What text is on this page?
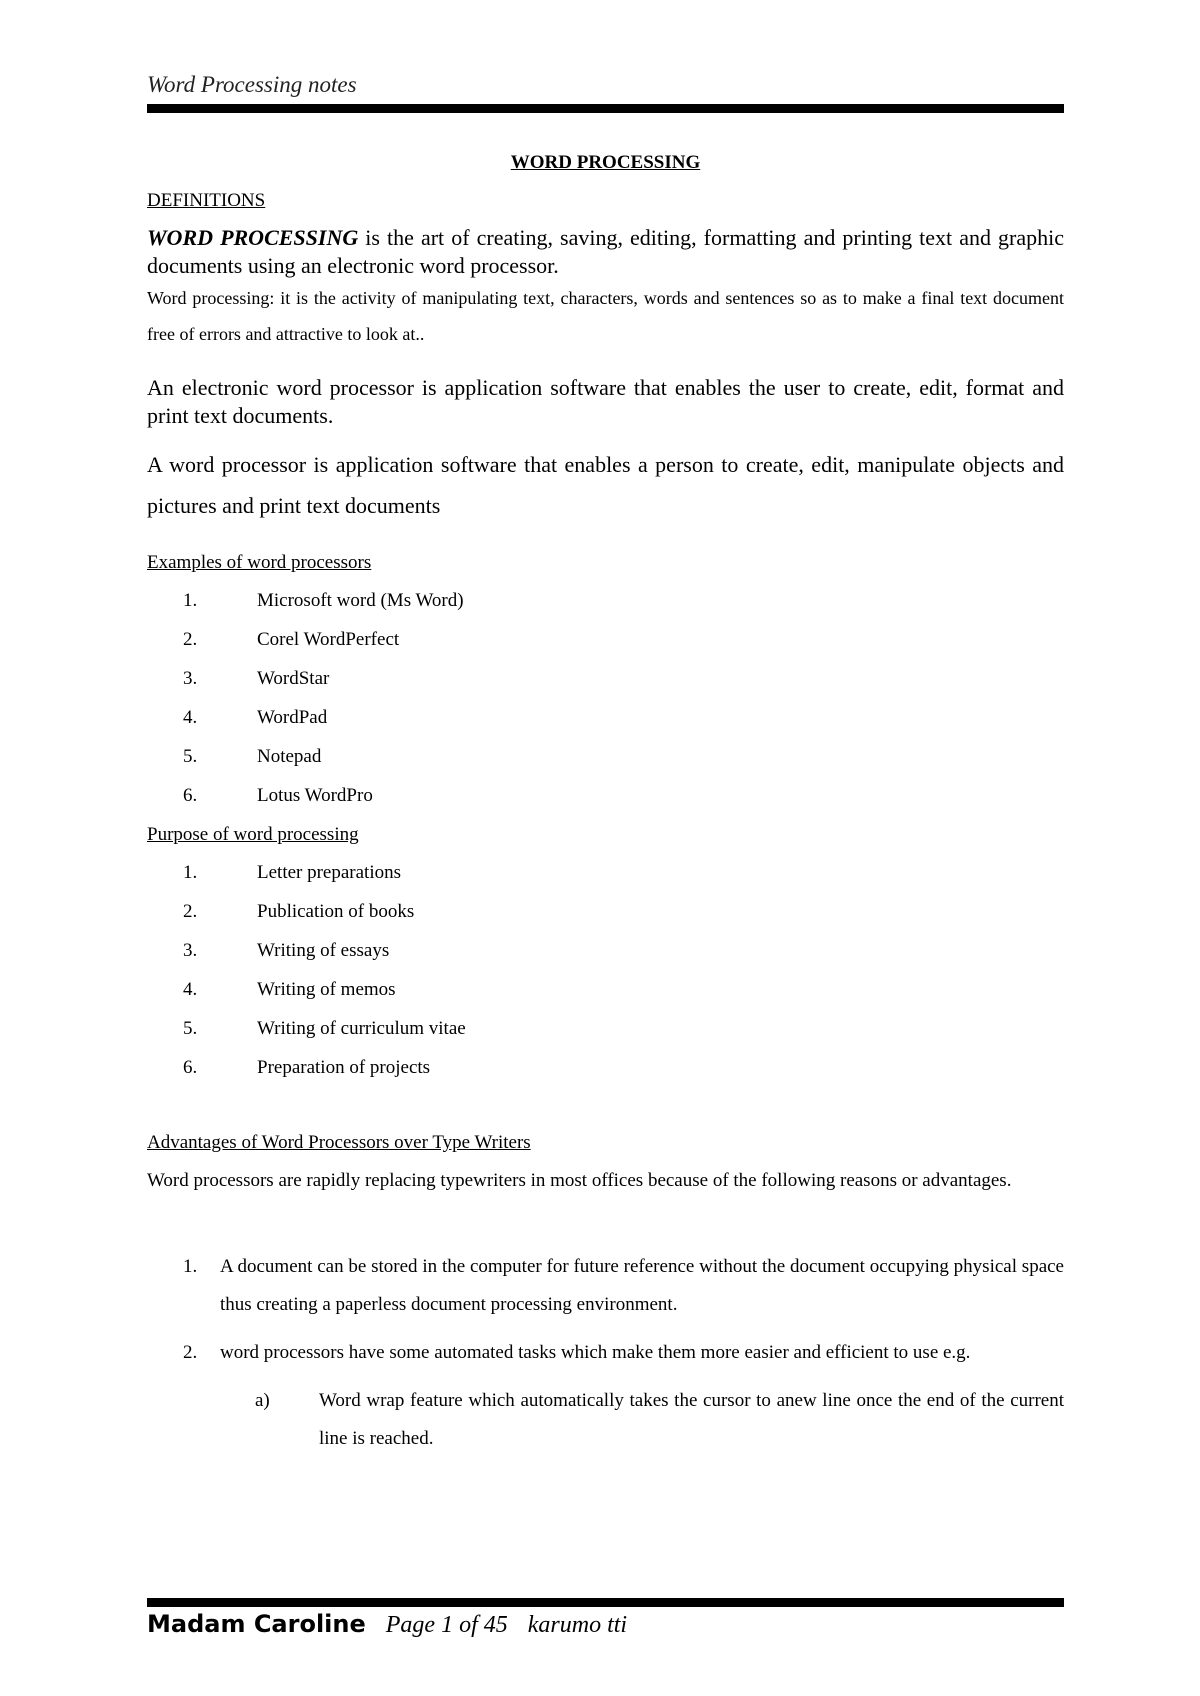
Word Processing notes

WORD PROCESSING

DEFINITIONS

WORD PROCESSING is the art of creating, saving, editing, formatting and printing text and graphic documents using an electronic word processor.

Word processing: it is the activity of manipulating text, characters, words and sentences so as to make a final text document free of errors and attractive to look at..

An electronic word processor is application software that enables the user to create, edit, format and print text documents.

A word processor is application software that enables a person to create, edit, manipulate objects and pictures and print text documents

Examples of word processors

1.	Microsoft word (Ms Word)
2.	Corel WordPerfect
3.	WordStar
4.	WordPad
5.	Notepad
6.	Lotus WordPro

Purpose of word processing

1.	Letter preparations
2.	Publication of books
3.	Writing of essays
4.	Writing of memos
5.	Writing of curriculum vitae
6.	Preparation of projects

Advantages of Word Processors over Type Writers

Word processors are rapidly replacing typewriters in most offices because of the following reasons or advantages.

1.	A document can be stored in the computer for future reference without the document occupying physical space thus creating a paperless document processing environment.
2.	word processors have some automated tasks which make them more easier and efficient to use e.g.
a)	Word wrap feature which automatically takes the cursor to anew line once the end of the current line is reached.
Madam Caroline Page 1 of 45 karumo tti
